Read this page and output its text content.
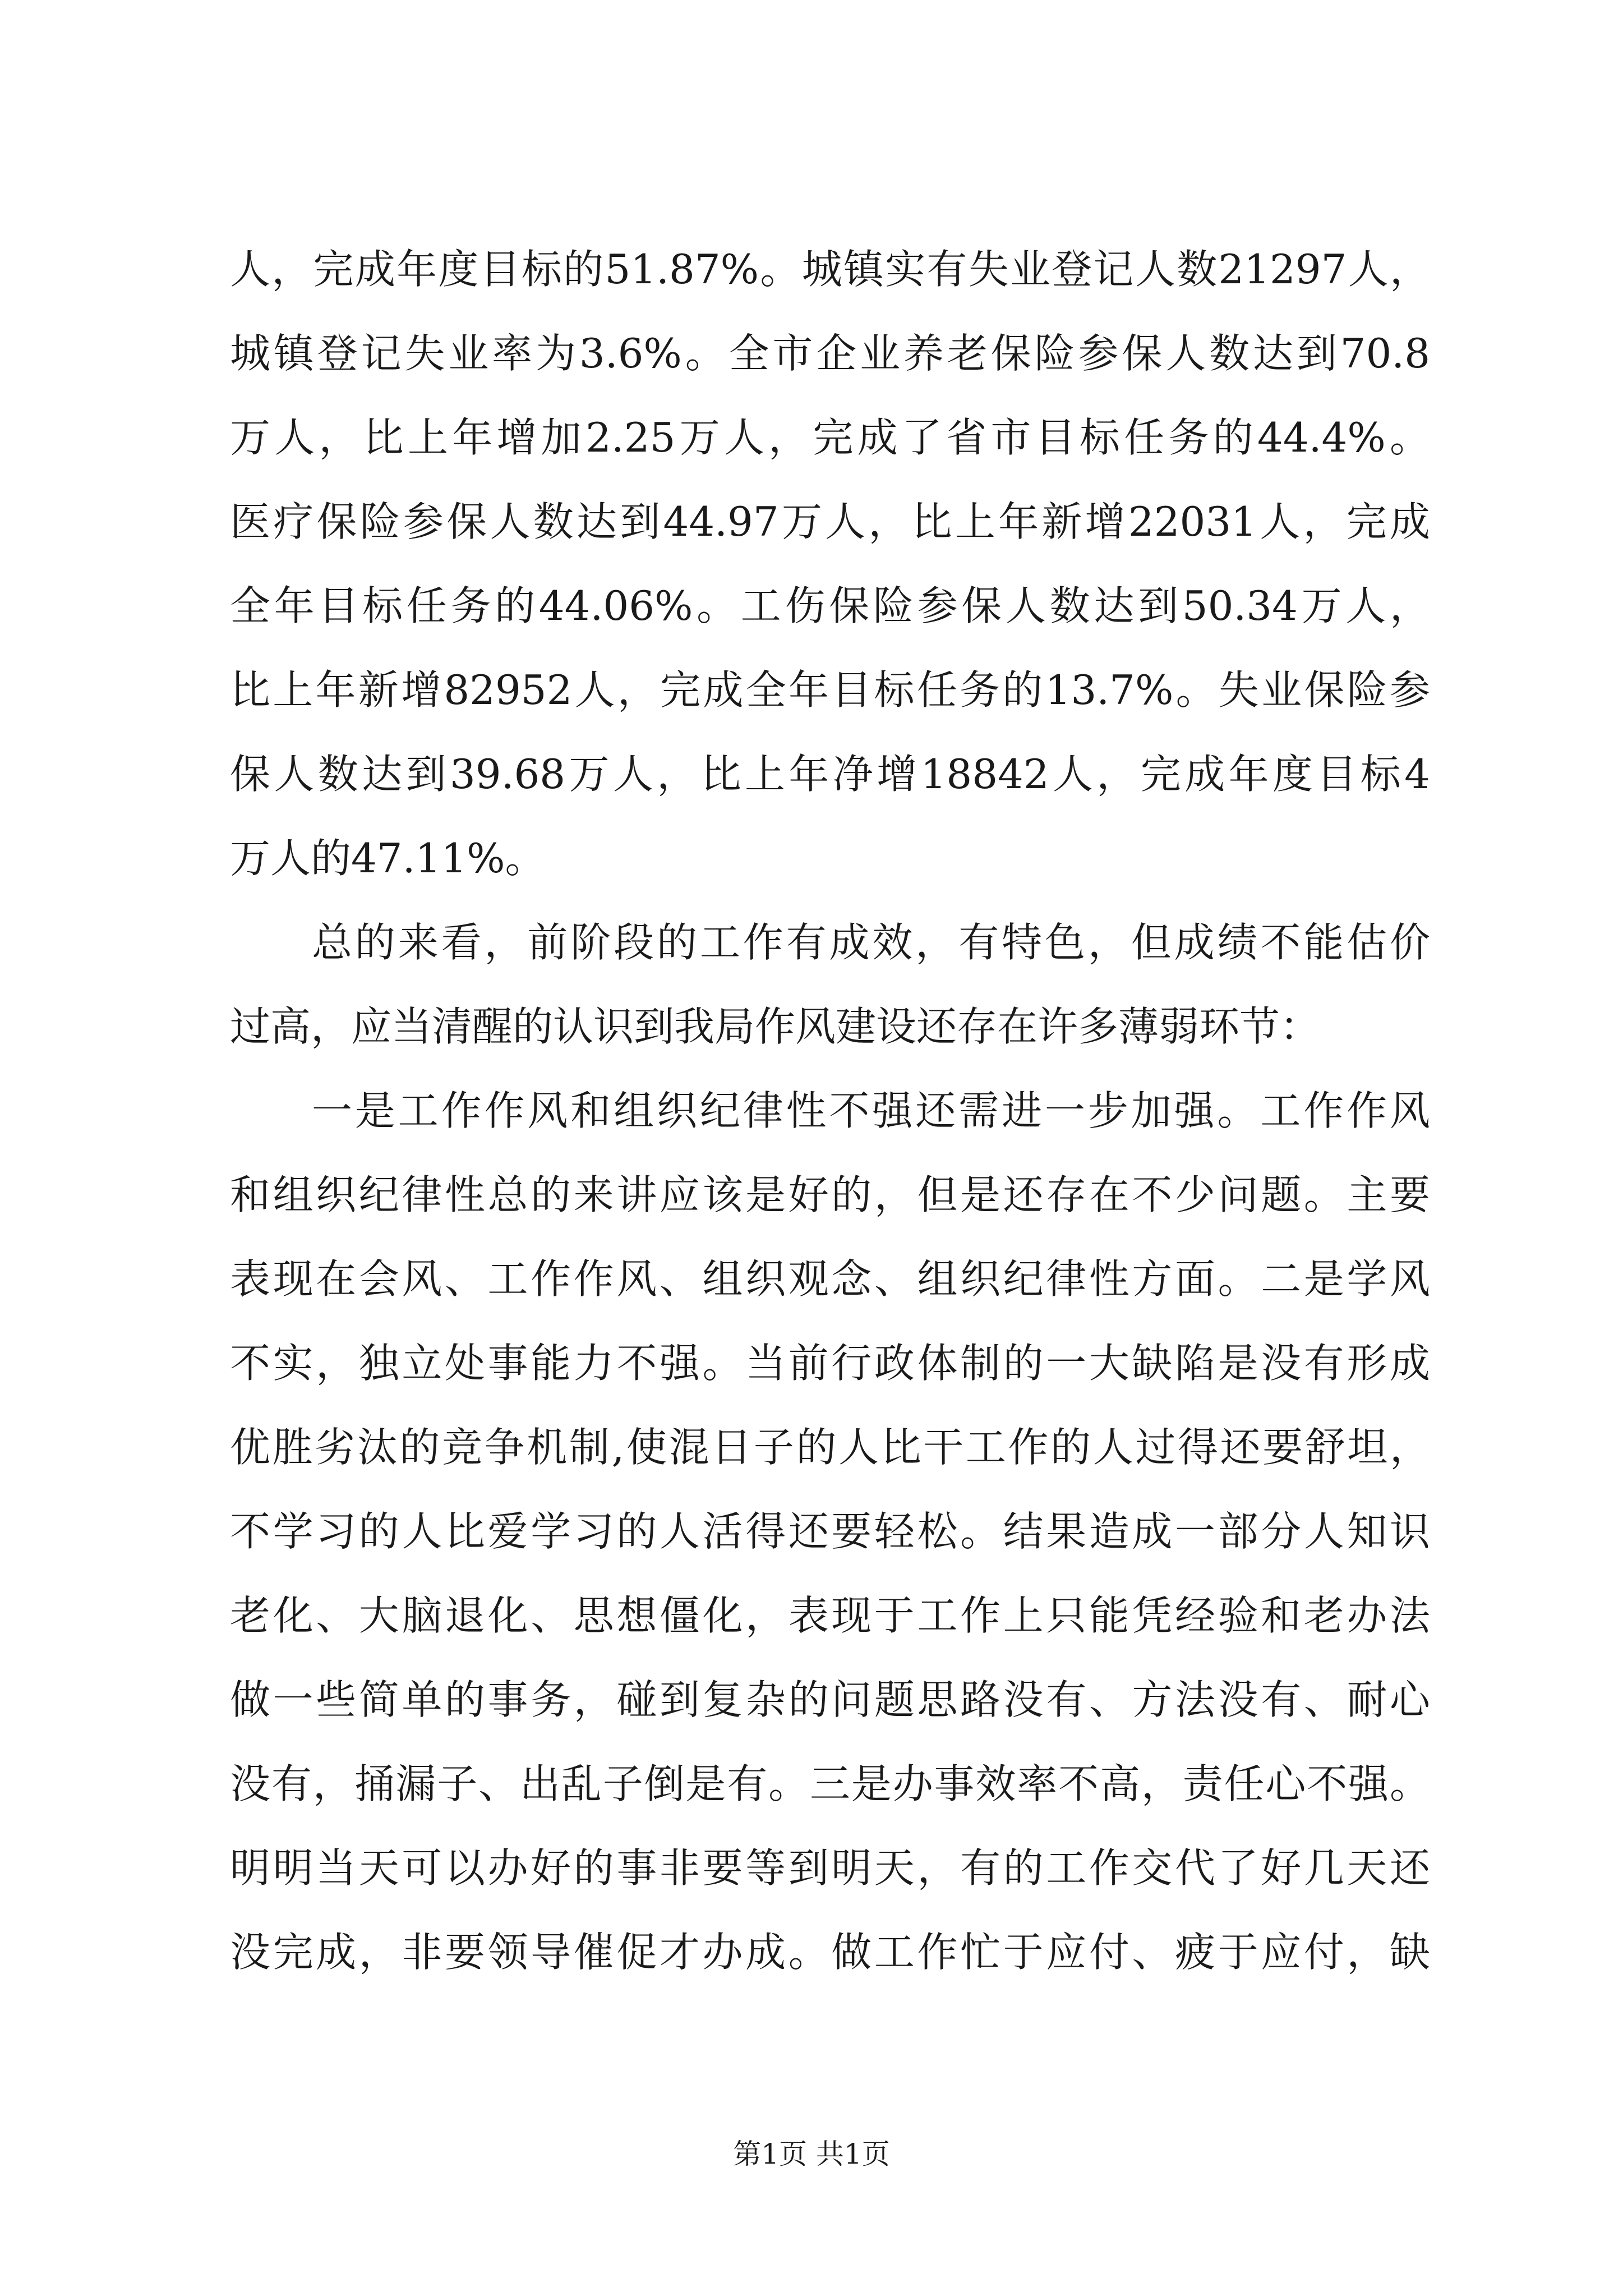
人，完成年度目标的51.87%。城镇实有失业登记人数21297人，
城镇登记失业率为3.6%。全市企业养老保险参保人数达到70.8
万人，比上年增加2.25万人，完成了省市目标任务的44.4%。
医疗保险参保人数达到44.97万人，比上年新增22031人，完成
全年目标任务的44.06%。工伤保险参保人数达到50.34万人，
比上年新增82952人，完成全年目标任务的13.7%。失业保险参
保人数达到39.68万人，比上年净增18842人，完成年度目标4
万人的47.11%。
总的来看，前阶段的工作有成效，有特色，但成绩不能估价
过高，应当清醒的认识到我局作风建设还存在许多薄弱环节：
一是工作作风和组织纪律性不强还需进一步加强。工作作风
和组织纪律性总的来讲应该是好的，但是还存在不少问题。主要
表现在会风、工作作风、组织观念、组织纪律性方面。二是学风
不实，独立处事能力不强。当前行政体制的一大缺陷是没有形成
优胜劣汰的竞争机制,使混日子的人比干工作的人过得还要舒坦，
不学习的人比爱学习的人活得还要轻松。结果造成一部分人知识
老化、大脑退化、思想僵化，表现于工作上只能凭经验和老办法
做一些简单的事务，碰到复杂的问题思路没有、方法没有、耐心
没有，捅漏子、出乱子倒是有。三是办事效率不高，责任心不强。
明明当天可以办好的事非要等到明天，有的工作交代了好几天还
没完成，非要领导催促才办成。做工作忙于应付、疲于应付，缺
第1页 共1页
